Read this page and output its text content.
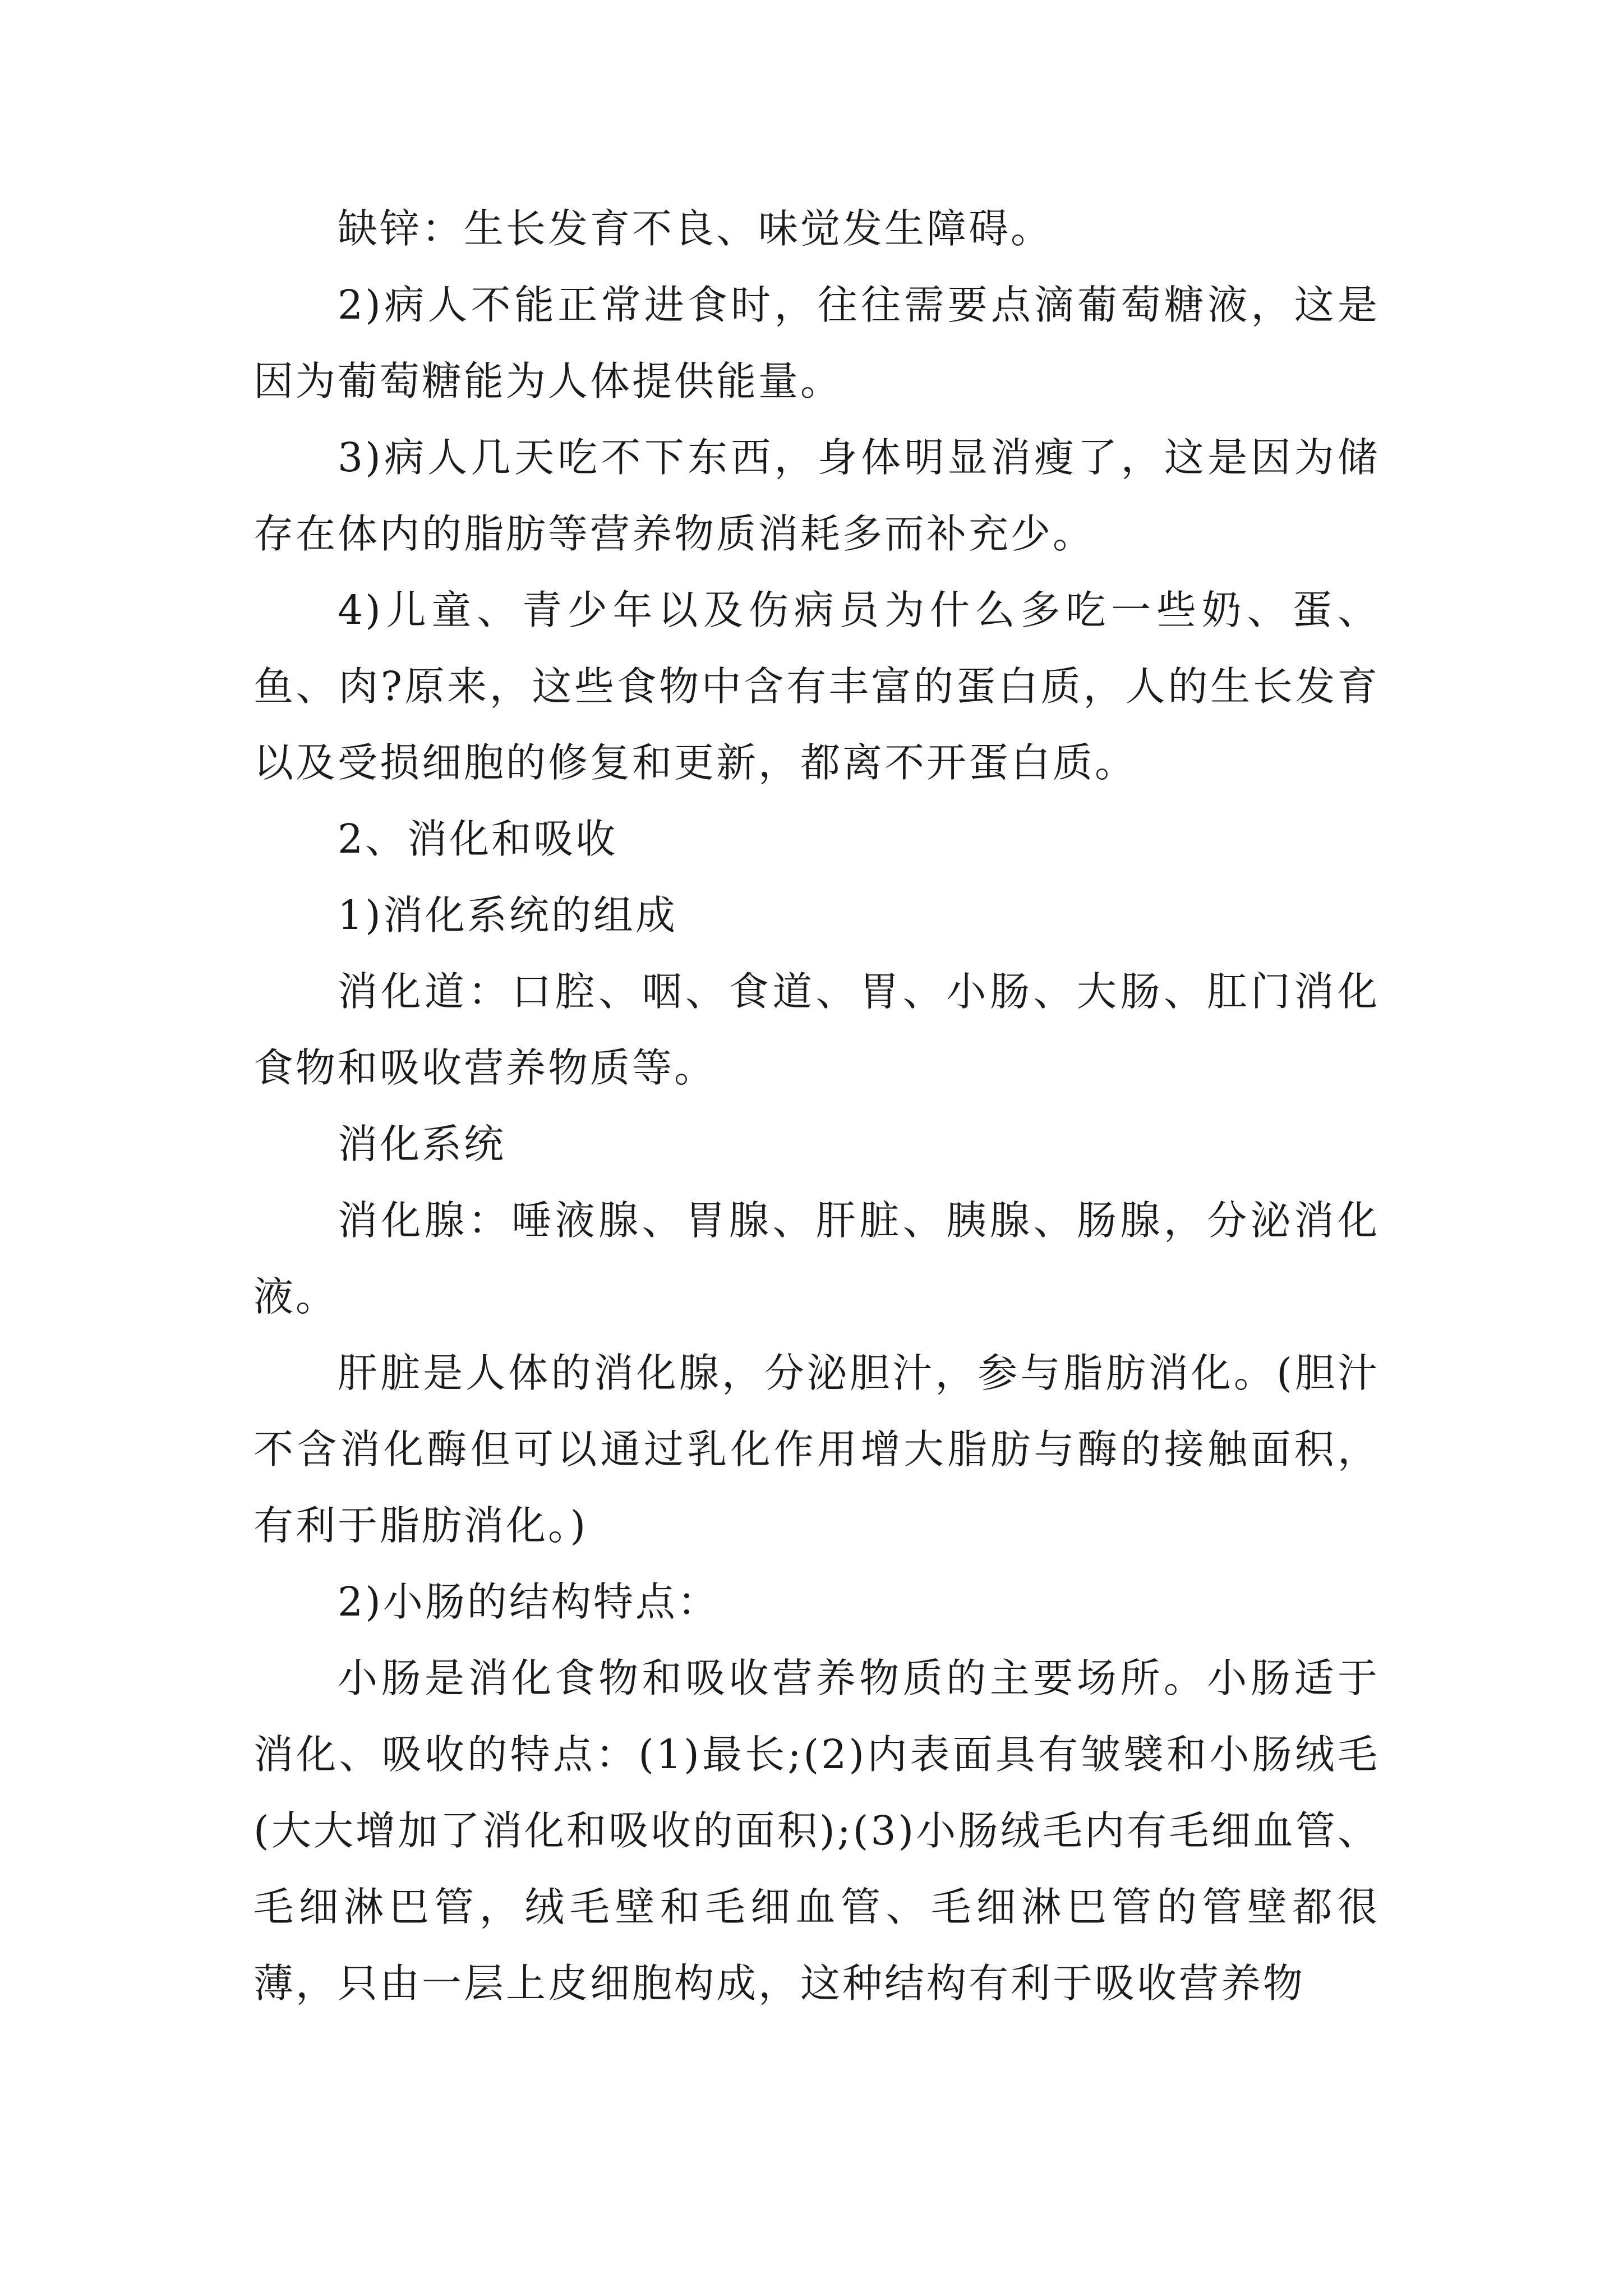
缺锌：生长发育不良、味觉发生障碍。

2)病人不能正常进食时，往往需要点滴葡萄糖液，这是因为葡萄糖能为人体提供能量。

3)病人几天吃不下东西，身体明显消瘦了，这是因为储存在体内的脂肪等营养物质消耗多而补充少。

4)儿童、青少年以及伤病员为什么多吃一些奶、蛋、鱼、肉?原来，这些食物中含有丰富的蛋白质，人的生长发育以及受损细胞的修复和更新，都离不开蛋白质。

2、消化和吸收

1)消化系统的组成

消化道：口腔、咽、食道、胃、小肠、大肠、肛门消化食物和吸收营养物质等。

消化系统

消化腺：唾液腺、胃腺、肝脏、胰腺、肠腺，分泌消化液。

肝脏是人体的消化腺，分泌胆汁，参与脂肪消化。(胆汁不含消化酶但可以通过乳化作用增大脂肪与酶的接触面积，有利于脂肪消化。)

2)小肠的结构特点：

小肠是消化食物和吸收营养物质的主要场所。小肠适于消化、吸收的特点：(1)最长;(2)内表面具有皱襞和小肠绒毛(大大增加了消化和吸收的面积);(3)小肠绒毛内有毛细血管、毛细淋巴管，绒毛壁和毛细血管、毛细淋巴管的管壁都很薄，只由一层上皮细胞构成，这种结构有利于吸收营养物
